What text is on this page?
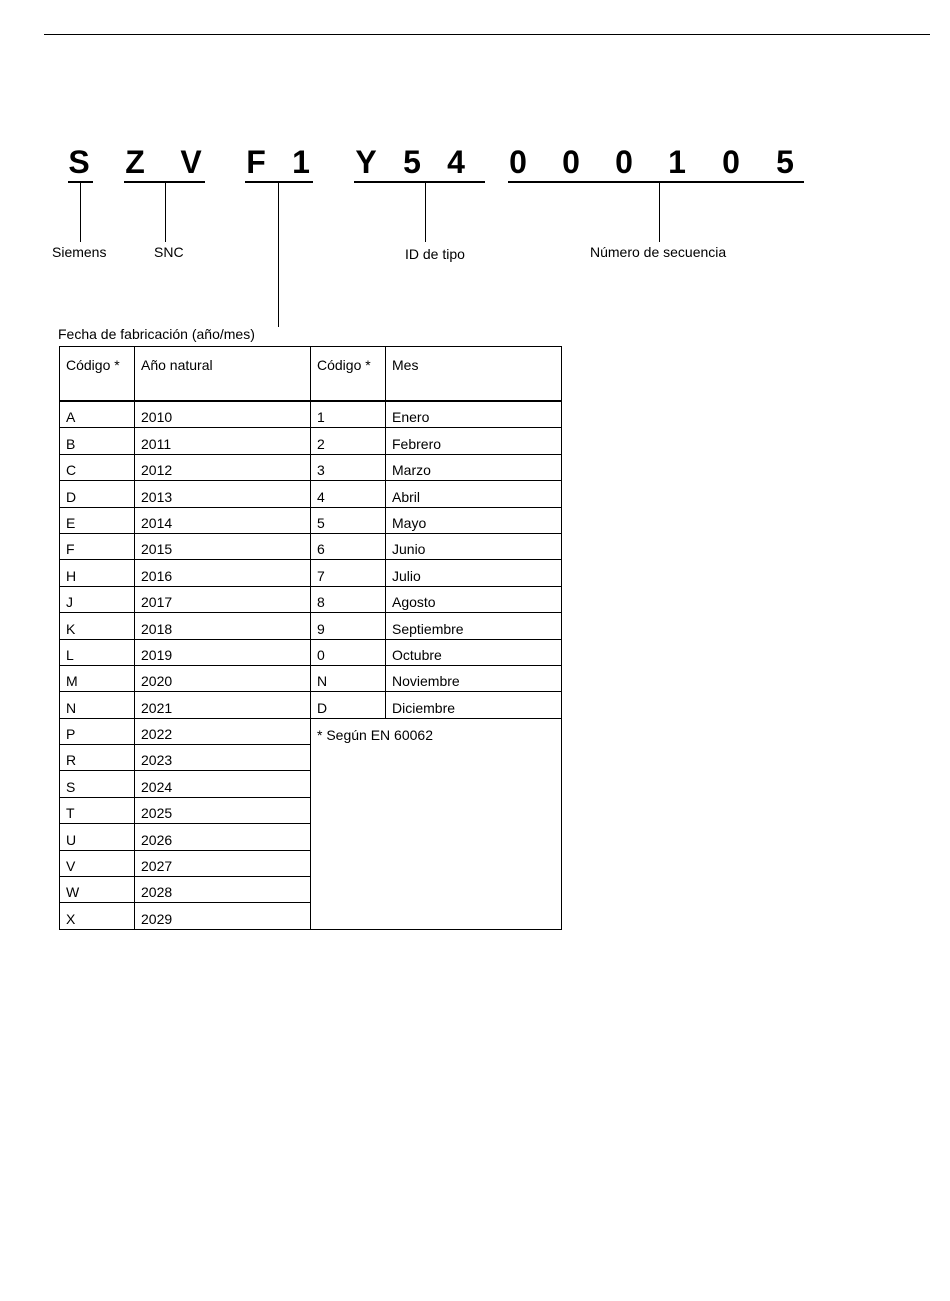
S Z V F 1 Y 5 4 0 0 0 1 0 5
Siemens	SNC	ID de tipo	Número de secuencia
Fecha de fabricación (año/mes)
Código *	Año natural	Código *	Mes
A	2010	1	Enero
B	2011	2	Febrero
C	2012	3	Marzo
D	2013	4	Abril
E	2014	5	Mayo
F	2015	6	Junio
H	2016	7	Julio
J	2017	8	Agosto
K	2018	9	Septiembre
L	2019	0	Octubre
M	2020	N	Noviembre
N	2021	D	Diciembre
P	2022	* Según EN 60062	
R	2023		
S	2024		
T	2025		
U	2026		
V	2027		
W	2028		
X	2029		
